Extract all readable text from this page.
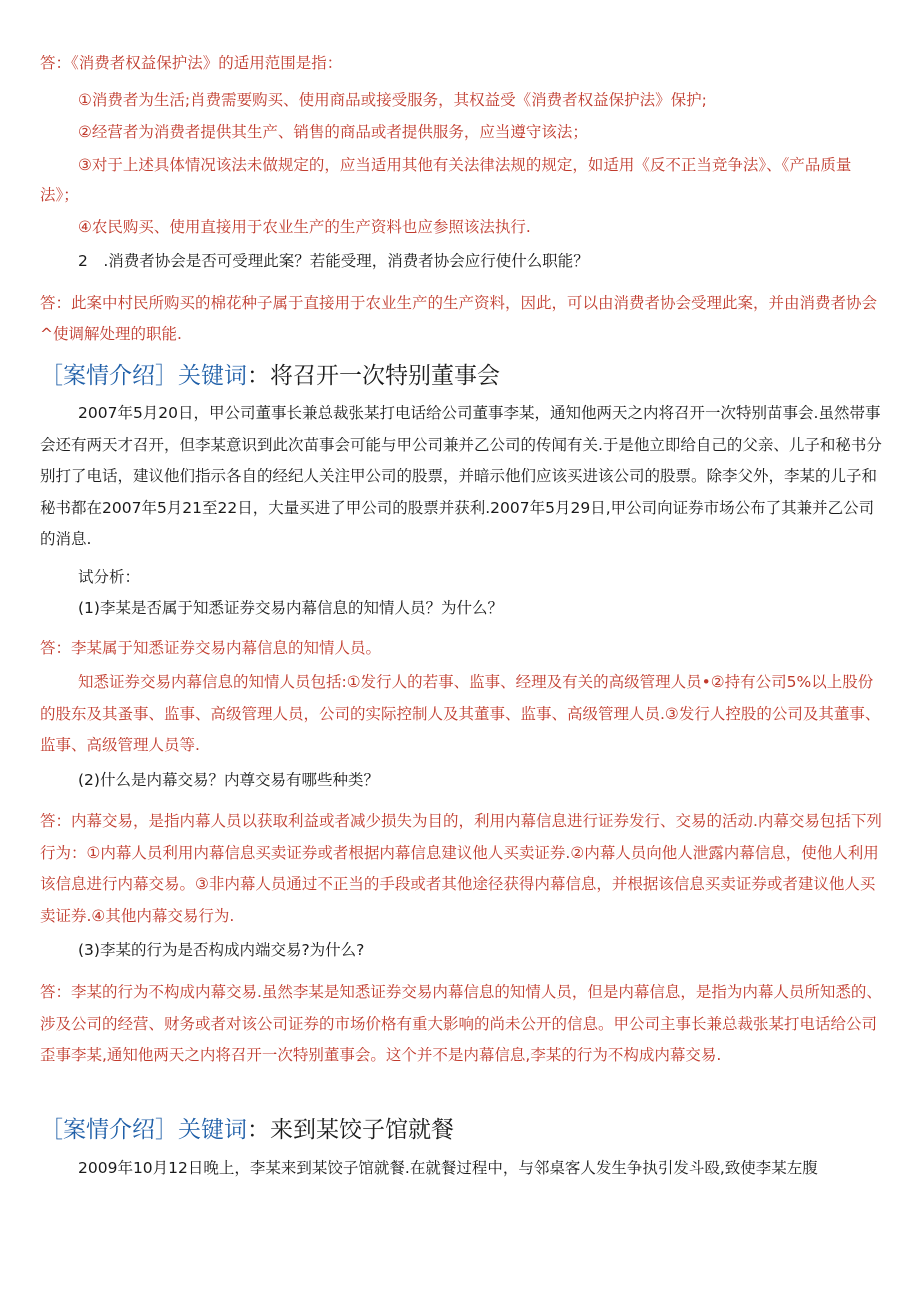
答：《消费者权益保护法》的适用范围是指：

①消费者为生活;肖费需要购买、使用商品或接受服务，其权益受《消费者权益保护法》保护;

②经营者为消费者提供其生产、销售的商品或者提供服务，应当遵守该法；

③对于上述具体情况该法未做规定的，应当适用其他有关法律法规的规定，如适用《反不正当竞争法》、《产品质量法》；

④农民购买、使用直接用于农业生产的生产资料也应参照该法执行.

2　.消费者协会是否可受理此案？若能受理，消费者协会应行使什么职能？

答：此案中村民所购买的棉花种子属于直接用于农业生产的生产资料，因此，可以由消费者协会受理此案，并由消费者协会^使调解处理的职能.

［案情介绍］关键词：将召开一次特别董事会

2007年5月20日，甲公司董事长兼总裁张某打电话给公司董事李某，通知他两天之内将召开一次特别苗事会.虽然帯事会还有两天才召开，但李某意识到此次苗事会可能与甲公司兼并乙公司的传闻有关.于是他立即给自己的父亲、儿子和秘书分别打了电话，建议他们指示各自的经纪人关注甲公司的股票，并暗示他们应该买进该公司的股票。除李父外，李某的儿子和秘书都在2007年5月21至22日，大量买进了甲公司的股票并获利.2007年5月29日,甲公司向证券市场公布了其兼并乙公司的消息.

试分析：

(1)李某是否属于知悉证券交易内幕信息的知情人员？为什么？

答：李某属于知悉证券交易内幕信息的知情人员。

知悉证券交易内幕信息的知情人员包括:①发行人的若事、监事、经理及有关的高级管理人员•②持有公司5%以上股份的股东及其蚤事、监事、高级管理人员，公司的实际控制人及其董事、监事、高级管理人员.③发行人控股的公司及其董事、监事、高级管理人员等.

(2)什么是内幕交易？内尊交易有哪些种类？

答：内幕交易，是指内幕人员以获取利益或者减少损失为目的，利用内幕信息进行证券发行、交易的活动.内幕交易包括下列行为：①内幕人员利用内幕信息买卖证券或者根据内幕信息建议他人买卖证券.②内幕人员向他人泄露内幕信息，使他人利用该信息进行内幕交易。③非内幕人员通过不正当的手段或者其他途径获得内幕信息，并根据该信息买卖证券或者建议他人买卖证券.④其他内幕交易行为.

(3)李某的行为是否构成内端交易?为什么?

答：李某的行为不构成内幕交易.虽然李某是知悉证券交易内幕信息的知情人员，但是内幕信息，是指为内幕人员所知悉的、涉及公司的经营、财务或者对该公司证券的市场价格有重大影响的尚未公开的信息。甲公司主事长兼总裁张某打电话给公司歪事李某,通知他两天之内将召开一次特别董事会。这个并不是内幕信息,李某的行为不构成内幕交易.

［案情介绍］关键词：来到某饺子馆就餐

2009年10月12日晚上，李某来到某饺子馆就餐.在就餐过程中，与邻桌客人发生争执引发斗殴,致使李某左腹
